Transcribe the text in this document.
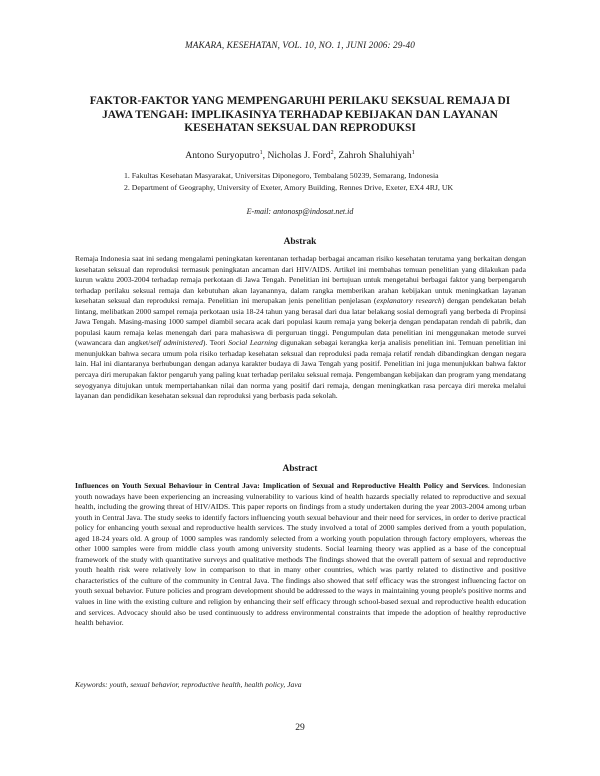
MAKARA, KESEHATAN, VOL. 10, NO. 1, JUNI 2006: 29-40
FAKTOR-FAKTOR YANG MEMPENGARUHI PERILAKU SEKSUAL REMAJA DI JAWA TENGAH: IMPLIKASINYA TERHADAP KEBIJAKAN DAN LAYANAN KESEHATAN SEKSUAL DAN REPRODUKSI
Antono Suryoputro$^1$, Nicholas J. Ford$^2$, Zahroh Shaluhiyah$^1$
1. Fakultas Kesehatan Masyarakat, Universitas Diponegoro, Tembalang 50239, Semarang, Indonesia
2. Department of Geography, University of Exeter, Amory Building, Rennes Drive, Exeter, EX4 4RJ, UK
E-mail: antonosp@indosat.net.id
Abstrak
Remaja Indonesia saat ini sedang mengalami peningkatan kerentanan terhadap berbagai ancaman risiko kesehatan terutama yang berkaitan dengan kesehatan seksual dan reproduksi termasuk peningkatan ancaman dari HIV/AIDS. Artikel ini membahas temuan penelitian yang dilakukan pada kurun waktu 2003-2004 terhadap remaja perkotaan di Jawa Tengah. Penelitian ini bertujuan untuk mengetahui berbagai faktor yang berpengaruh terhadap perilaku seksual remaja dan kebutuhan akan layanannya, dalam rangka memberikan arahan kebijakan untuk meningkatkan layanan kesehatan seksual dan reproduksi remaja. Penelitian ini merupakan jenis penelitian penjelasan (explanatory research) dengan pendekatan belah lintang, melibatkan 2000 sampel remaja perkotaan usia 18-24 tahun yang berasal dari dua latar belakang sosial demografi yang berbeda di Propinsi Jawa Tengah. Masing-masing 1000 sampel diambil secara acak dari populasi kaum remaja yang bekerja dengan pendapatan rendah di pabrik, dan populasi kaum remaja kelas menengah dari para mahasiswa di perguruan tinggi. Pengumpulan data penelitian ini menggunakan metode survei (wawancara dan angket/self administered). Teori Social Learning digunakan sebagai kerangka kerja analisis penelitian ini. Temuan penelitian ini menunjukkan bahwa secara umum pola risiko terhadap kesehatan seksual dan reproduksi pada remaja relatif rendah dibandingkan dengan negara lain. Hal ini diantaranya berhubungan dengan adanya karakter budaya di Jawa Tengah yang positif. Penelitian ini juga menunjukkan bahwa faktor percaya diri merupakan faktor pengaruh yang paling kuat terhadap perilaku seksual remaja. Pengembangan kebijakan dan program yang mendatang seyogyanya ditujukan untuk mempertahankan nilai dan norma yang positif dari remaja, dengan meningkatkan rasa percaya diri mereka melalui layanan dan pendidikan kesehatan seksual dan reproduksi yang berbasis pada sekolah.
Abstract
Influences on Youth Sexual Behaviour in Central Java: Implication of Sexual and Reproductive Health Policy and Services. Indonesian youth nowadays have been experiencing an increasing vulnerability to various kind of health hazards specially related to reproductive and sexual health, including the growing threat of HIV/AIDS. This paper reports on findings from a study undertaken during the year 2003-2004 among urban youth in Central Java. The study seeks to identify factors influencing youth sexual behaviour and their need for services, in order to derive practical policy for enhancing youth sexual and reproductive health services. The study involved a total of 2000 samples derived from a youth population, aged 18-24 years old. A group of 1000 samples was randomly selected from a working youth population through factory employers, whereas the other 1000 samples were from middle class youth among university students. Social learning theory was applied as a base of the conceptual framework of the study with quantitative surveys and qualitative methods The findings showed that the overall pattern of sexual and reproductive youth health risk were relatively low in comparison to that in many other countries, which was partly related to distinctive and positive characteristics of the culture of the community in Central Java. The findings also showed that self efficacy was the strongest influencing factor on youth sexual behavior. Future policies and program development should be addressed to the ways in maintaining young people's positive norms and values in line with the existing culture and religion by enhancing their self efficacy through school-based sexual and reproductive health education and services. Advocacy should also be used continuously to address environmental constraints that impede the adoption of healthy reproductive health behavior.
Keywords: youth, sexual behavior, reproductive health, health policy, Java
29
